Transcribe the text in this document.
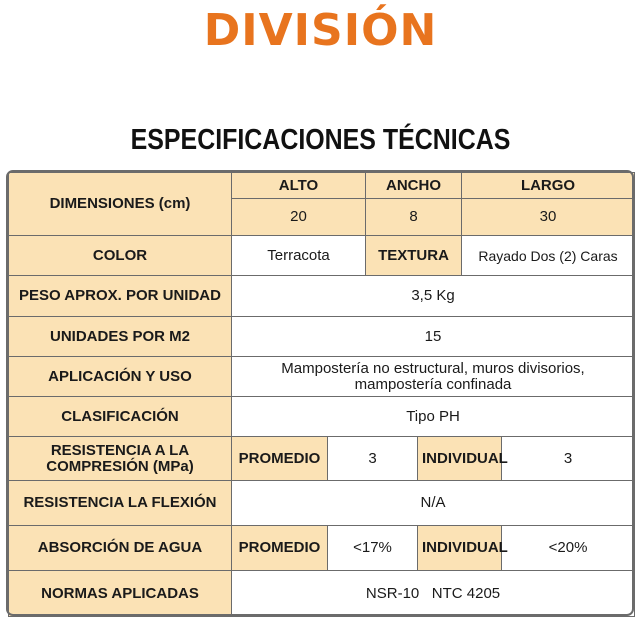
DIVISIÓN
ESPECIFICACIONES TÉCNICAS
DIMENSIONES (cm)	ALTO		ANCHO		LARGO	
	20		8		30	
COLOR	Terracota		TEXTURA		Rayado Dos (2) Caras	
PESO APROX. POR UNIDAD	3,5 Kg					
UNIDADES POR M2	15					
APLICACIÓN Y USO	Mampostería no estructural, muros divisorios,
mampostería confinada					

CLASIFICACIÓN	Tipo PH					

RESISTENCIA A LA
COMPRESIÓN (MPa)	PROMEDIO	3		INDIVIDUAL		3
RESISTENCIA LA FLEXIÓN	N/A					
ABSORCIÓN DE AGUA	PROMEDIO	<17%		INDIVIDUAL		<20%
NORMAS APLICADAS	NSR-10   NTC 4205					
